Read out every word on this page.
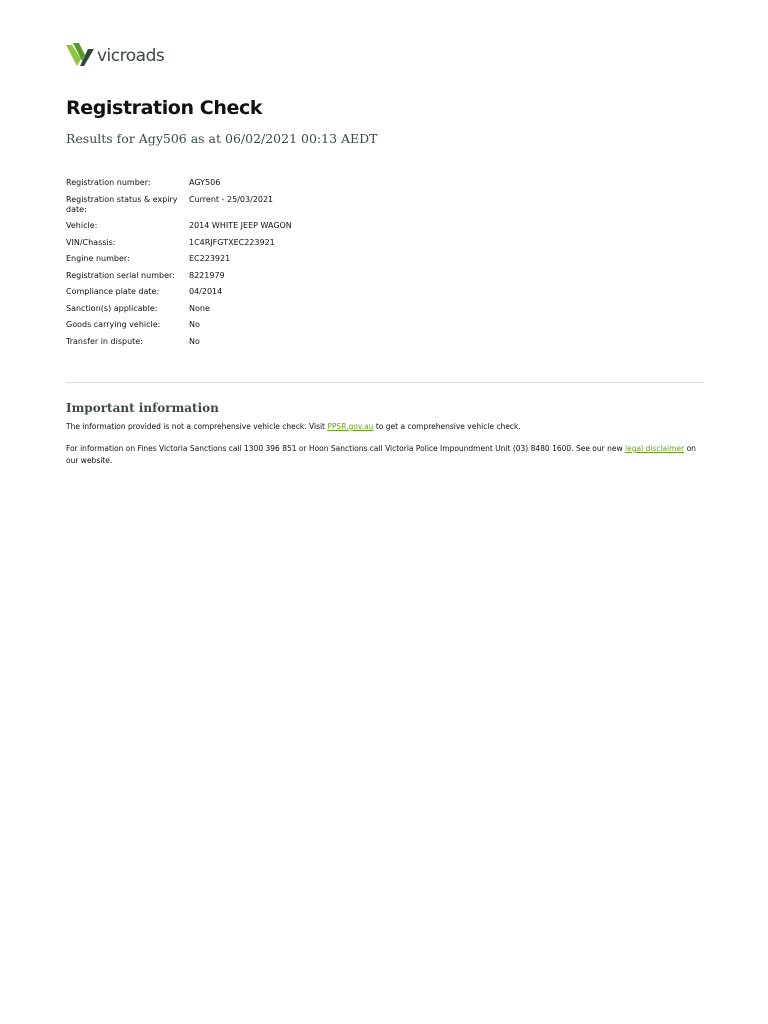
vicroads
Registration Check

Results for Agy506 as at 06/02/2021 00:13 AEDT

Registration number:	AGY506
Registration status & expiry date:
Current - 25/03/2021
Vehicle:	2014 WHITE JEEP WAGON
VIN/Chassis:	1C4RJFGTXEC223921
Engine number:	EC223921
Registration serial number:	8221979
Compliance plate date:	04/2014
Sanction(s) applicable:	None
Goods carrying vehicle:	No
Transfer in dispute:	No
Important information

The information provided is not a comprehensive vehicle check. Visit PPSR.gov.au to get a comprehensive vehicle check.

For information on Fines Victoria Sanctions call 1300 396 851 or Hoon Sanctions call Victoria Police Impoundment Unit (03) 8480 1600. See our new legal disclaimer on our website.
